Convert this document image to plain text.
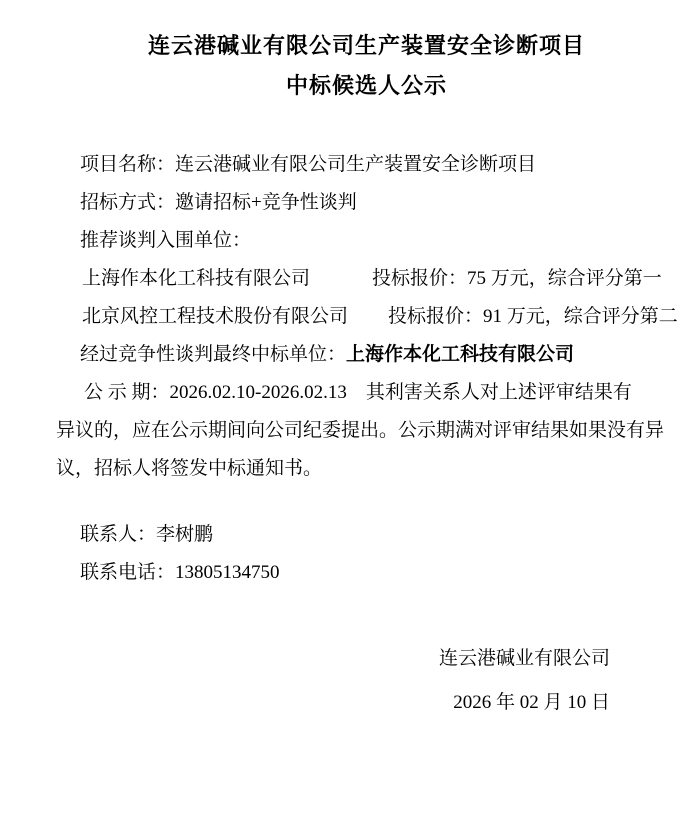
连云港碱业有限公司生产装置安全诊断项目
中标候选人公示

项目名称：连云港碱业有限公司生产装置安全诊断项目

招标方式：邀请招标+竞争性谈判

推荐谈判入围单位：

上海作本化工科技有限公司	投标报价：75 万元，综合评分第一

北京风控工程技术股份有限公司 投标报价：91 万元，综合评分第二

经过竞争性谈判最终中标单位：上海作本化工科技有限公司

公 示 期：2026.02.10-2026.02.13　其利害关系人对上述评审结果有
异议的，应在公示期间向公司纪委提出。公示期满对评审结果如果没有异
议，招标人将签发中标通知书。

联系人：李树鹏

联系电话：13805134750

连云港碱业有限公司

2026 年 02 月 10 日
